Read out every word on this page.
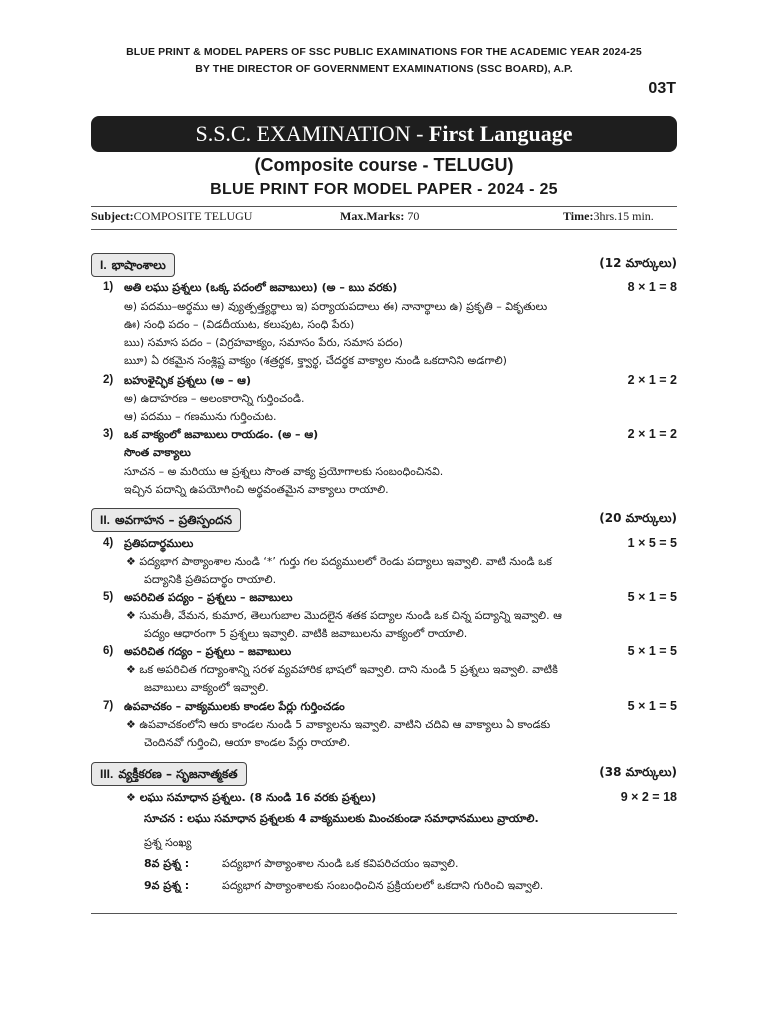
BLUE PRINT & MODEL PAPERS OF SSC PUBLIC EXAMINATIONS FOR THE ACADEMIC YEAR 2024-25
BY THE DIRECTOR OF GOVERNMENT EXAMINATIONS (SSC BOARD), A.P.
03T
S.S.C. EXAMINATION - First Language
(Composite course - TELUGU)
BLUE PRINT FOR MODEL PAPER - 2024 - 25
Subject:COMPOSITE TELUGU	Max.Marks: 70	Time:3hrs.15 min.
I. భాషాంశాలు	(12 మార్కులు)
1) అతి లఘు ప్రశ్నలు (ఒక్క పదంలో జవాబులు) (అ – ఋ వరకు)	8 × 1 = 8
అ) పదము–అర్థము ఆ) వ్యుత్పత్త్యర్థాలు ఇ) పర్యాయపదాలు ఈ) నానార్థాలు ఉ) ప్రకృతి – వికృతులు
ఊ) సంధి పదం – (విడదీయుట, కలుపుట, సంధి పేరు)
ఋ) సమాస పదం – (విగ్రహవాక్యం, సమాసం పేరు, సమాస పదం)
ౠ) ఏ రకమైన సంశ్లిష్ట వాక్యం (శత్రర్థక, క్త్వార్థ, చేదర్థక వాక్యాల నుండి ఒకదానిని అడగాలి)
2) బహుళైచ్ఛిక ప్రశ్నలు (అ – ఆ)	2 × 1 = 2
అ) ఉదాహరణ – అలంకారాన్ని గుర్తించండి.
ఆ) పదము – గణమును గుర్తించుట.
3) ఒక వాక్యంలో జవాబులు రాయడం. (అ – ఆ)	2 × 1 = 2
సొంత వాక్యాలు
సూచన – అ మరియు ఆ ప్రశ్నలు సొంత వాక్య ప్రయోగాలకు సంబంధించినవి.
ఇచ్చిన పదాన్ని ఉపయోగించి అర్థవంతమైన వాక్యాలు రాయాలి.
II. అవగాహన – ప్రతిస్పందన	(20 మార్కులు)
4) ప్రతిపదార్థములు	1 × 5 = 5
❖ పద్యభాగ పాఠ్యాంశాల నుండి ‘*’ గుర్తు గల పద్యములలో రెండు పద్యాలు ఇవ్వాలి. వాటి నుండి ఒక
పద్యానికి ప్రతిపదార్థం రాయాలి.
5) అపరిచిత పద్యం – ప్రశ్నలు – జవాబులు	5 × 1 = 5
❖ సుమతీ, వేమన, కుమార, తెలుగుబాల మొదలైన శతక పద్యాల నుండి ఒక చిన్న పద్యాన్ని ఇవ్వాలి. ఆ
పద్యం ఆధారంగా 5 ప్రశ్నలు ఇవ్వాలి. వాటికి జవాబులను వాక్యంలో రాయాలి.
6) అపరిచిత గద్యం – ప్రశ్నలు – జవాబులు	5 × 1 = 5
❖ ఒక అపరిచిత గద్యాంశాన్ని సరళ వ్యవహారిక భాషలో ఇవ్వాలి. దాని నుండి 5 ప్రశ్నలు ఇవ్వాలి. వాటికి
జవాబులు వాక్యంలో ఇవ్వాలి.
7) ఉపవాచకం – వాక్యములకు కాండల పేర్లు గుర్తించడం	5 × 1 = 5
❖ ఉపవాచకంలోని ఆరు కాండల నుండి 5 వాక్యాలను ఇవ్వాలి. వాటిని చదివి ఆ వాక్యాలు ఏ కాండకు
చెందినవో గుర్తించి, ఆయా కాండల పేర్లు రాయాలి.
III. వ్యక్తీకరణ – సృజనాత్మకత	(38 మార్కులు)
❖ లఘు సమాధాన ప్రశ్నలు. (8 నుండి 16 వరకు ప్రశ్నలు)	9 × 2 = 18
సూచన : లఘు సమాధాన ప్రశ్నలకు 4 వాక్యములకు మించకుండా సమాధానములు వ్రాయాలి.
ప్రశ్న సంఖ్య
8వ ప్రశ్న :	పద్యభాగ పాఠ్యాంశాల నుండి ఒక కవిపరిచయం ఇవ్వాలి.
9వ ప్రశ్న :	పద్యభాగ పాఠ్యాంశాలకు సంబంధించిన ప్రక్రియలలో ఒకదాని గురించి ఇవ్వాలి.
